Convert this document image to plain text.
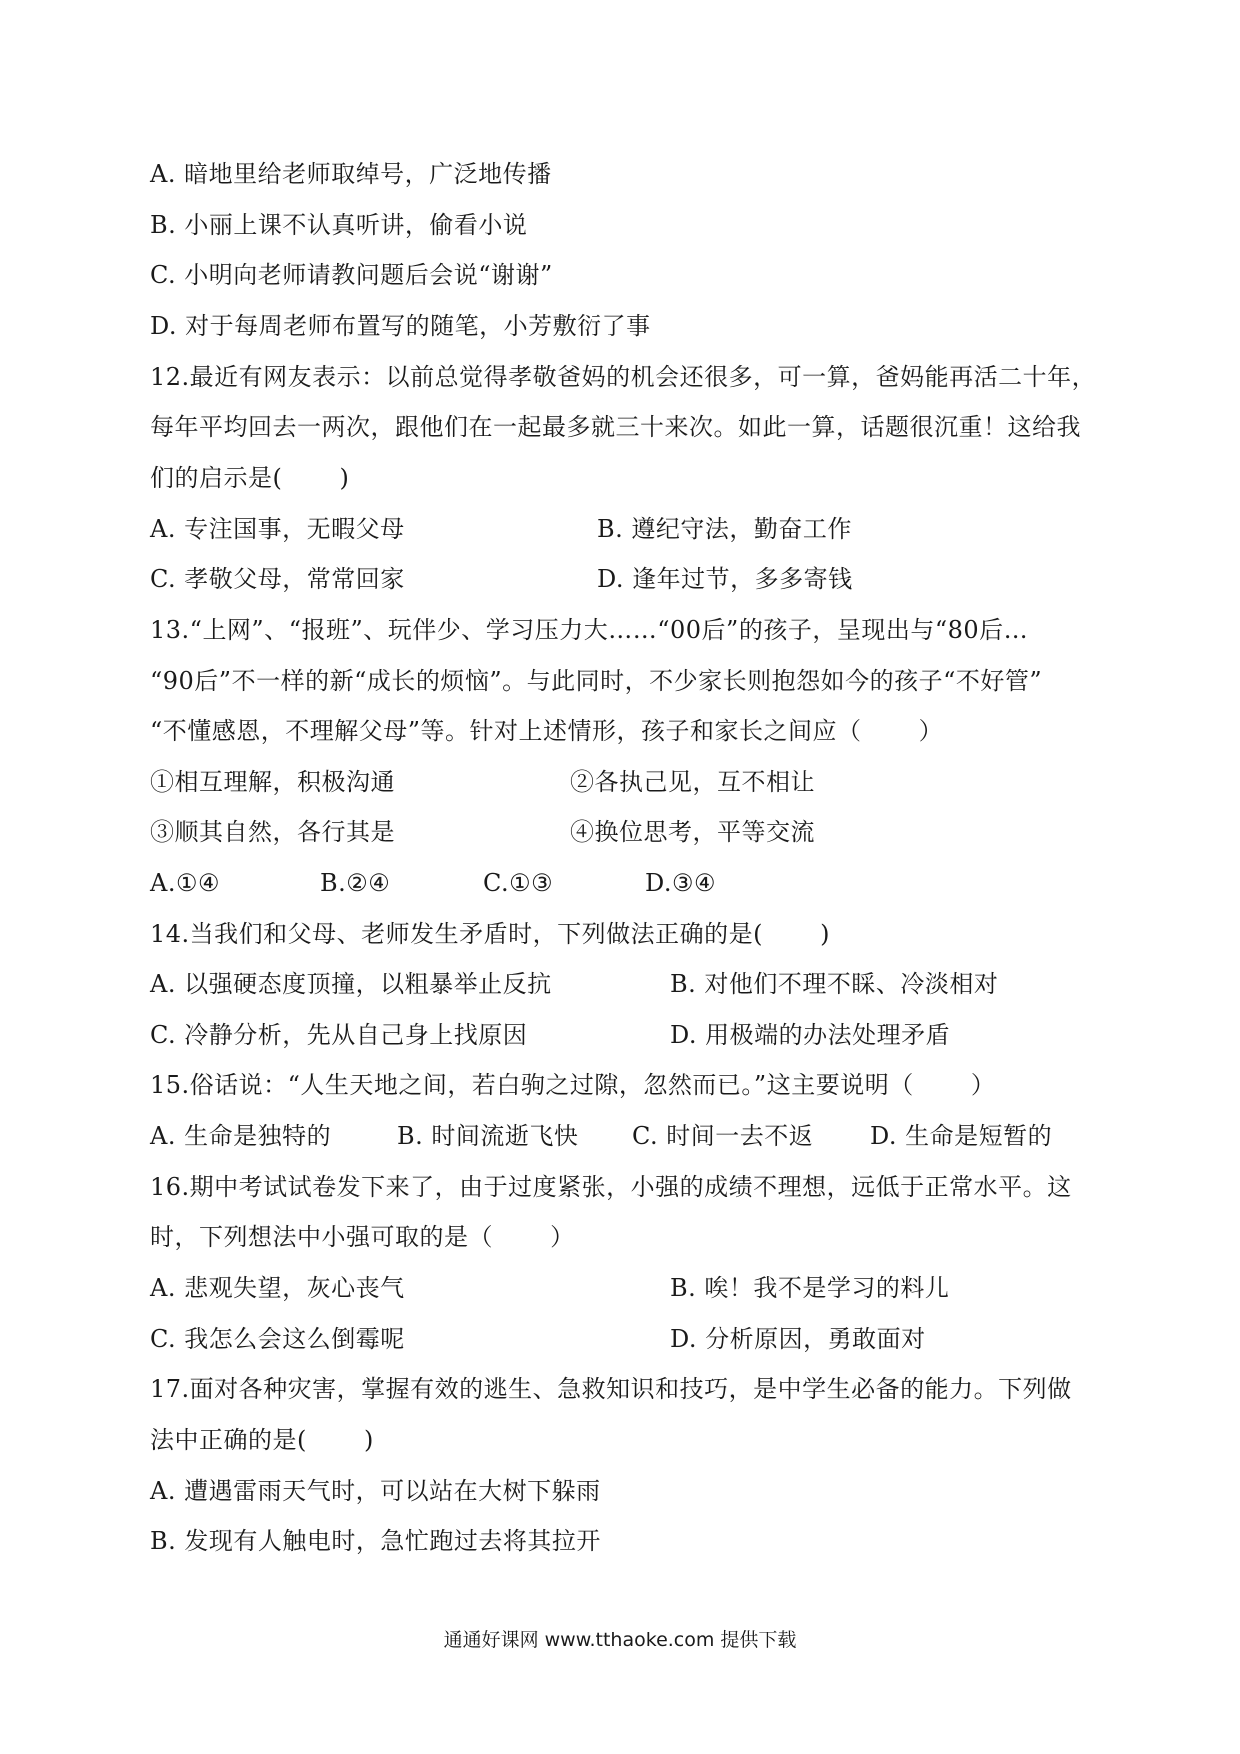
A. 暗地里给老师取绰号，广泛地传播
B. 小丽上课不认真听讲，偷看小说
C. 小明向老师请教问题后会说“谢谢”
D. 对于每周老师布置写的随笔，小芳敷衍了事
12.最近有网友表示：以前总觉得孝敬爸妈的机会还很多，可一算，爸妈能再活二十年，
每年平均回去一两次，跟他们在一起最多就三十来次。如此一算，话题很沉重！这给我
们的启示是(　　 )
A. 专注国事，无暇父母	B. 遵纪守法，勤奋工作
C. 孝敬父母，常常回家	D. 逢年过节，多多寄钱
13.“上网”、“报班”、玩伴少、学习压力大……“00后”的孩子，呈现出与“80后…
“90后”不一样的新“成长的烦恼”。与此同时，不少家长则抱怨如今的孩子“不好管”
“不懂感恩，不理解父母”等。针对上述情形，孩子和家长之间应（　　 ）
①相互理解，积极沟通	②各执己见，互不相让
③顺其自然，各行其是	④换位思考，平等交流
A.①④	B.②④	C.①③	D.③④
14.当我们和父母、老师发生矛盾时，下列做法正确的是(　　 )
A. 以强硬态度顶撞，以粗暴举止反抗	B. 对他们不理不睬、冷淡相对
C. 冷静分析，先从自己身上找原因	D. 用极端的办法处理矛盾
15.俗话说：“人生天地之间，若白驹之过隙，忽然而已。”这主要说明（　　 ）
A. 生命是独特的	B. 时间流逝飞快 C. 时间一去不返 D. 生命是短暂的
16.期中考试试卷发下来了，由于过度紧张，小强的成绩不理想，远低于正常水平。这
时，下列想法中小强可取的是（　　 ）
A. 悲观失望，灰心丧气	B. 唉！我不是学习的料儿
C. 我怎么会这么倒霉呢	D. 分析原因，勇敢面对
17.面对各种灾害，掌握有效的逃生、急救知识和技巧，是中学生必备的能力。下列做
法中正确的是(　　 )
A. 遭遇雷雨天气时，可以站在大树下躲雨
B. 发现有人触电时，急忙跑过去将其拉开
通通好课网 www.tthaoke.com 提供下载
